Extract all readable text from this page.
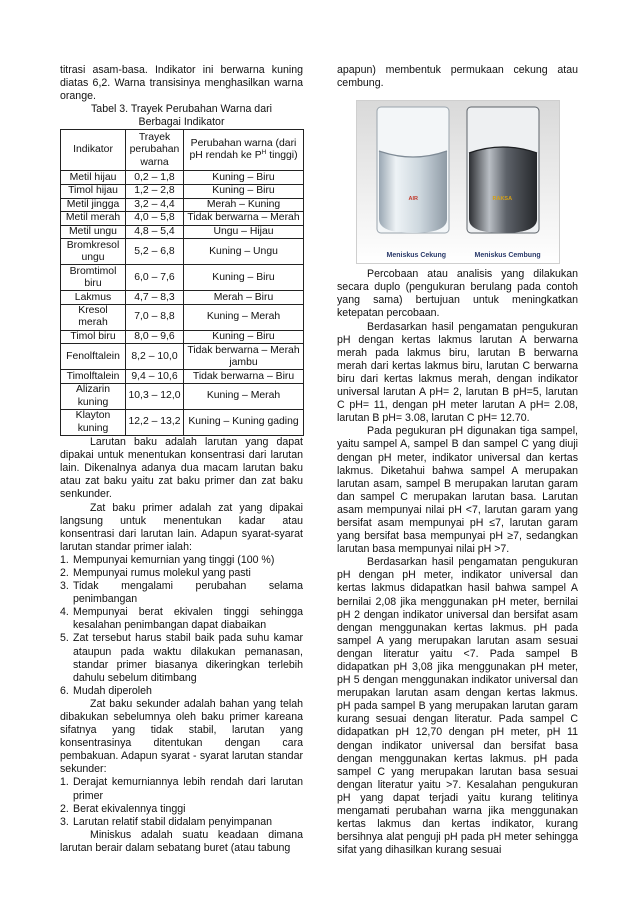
titrasi asam-basa. Indikator ini berwarna kuning diatas 6,2. Warna transisinya menghasilkan warna orange.

Tabel 3. Trayek Perubahan Warna dari Berbagai Indikator

Indikator	Trayek perubahan warna	Perubahan warna (dari pH rendah ke $P^H$ tinggi)
Metil hijau	0,2 – 1,8	Kuning – Biru
Timol hijau	1,2 – 2,8	Kuning – Biru
Metil jingga	3,2 – 4,4	Merah – Kuning
Metil merah	4,0 – 5,8	Tidak berwarna – Merah
Metil ungu	4,8 – 5,4	Ungu – Hijau
Bromkresol ungu	5,2 – 6,8	Kuning – Ungu
Bromtimol biru	6,0 – 7,6	Kuning – Biru
Lakmus	4,7 – 8,3	Merah – Biru
Kresol merah	7,0 – 8,8	Kuning – Merah
Timol biru	8,0 – 9,6	Kuning – Biru
Fenolftalein	8,2 – 10,0	Tidak berwarna – Merah jambu
Timolftalein	9,4 – 10,6	Tidak berwarna – Biru
Alizarin kuning	10,3 – 12,0	Kuning – Merah
Klayton kuning	12,2 – 13,2	Kuning – Kuning gading

Larutan baku adalah larutan yang dapat dipakai untuk menentukan konsentrasi dari larutan lain. Dikenalnya adanya dua macam larutan baku atau zat baku yaitu zat baku primer dan zat baku senkunder.

Zat baku primer adalah zat yang dipakai langsung untuk menentukan kadar atau konsentrasi dari larutan lain. Adapun syarat-syarat larutan standar primer ialah:

1. Mempunyai kemurnian yang tinggi (100 %)
2. Mempunyai rumus molekul yang pasti
3. Tidak mengalami perubahan selama penimbangan
4. Mempunyai berat ekivalen tinggi sehingga kesalahan penimbangan dapat diabaikan
5. Zat tersebut harus stabil baik pada suhu kamar ataupun pada waktu dilakukan pemanasan, standar primer biasanya dikeringkan terlebih dahulu sebelum ditimbang
6. Mudah diperoleh

Zat baku sekunder adalah bahan yang telah dibakukan sebelumnya oleh baku primer kareana sifatnya yang tidak stabil, larutan yang konsentrasinya ditentukan dengan cara pembakuan. Adapun syarat - syarat larutan standar sekunder:

1. Derajat kemurniannya lebih rendah dari larutan primer
2. Berat ekivalennya tinggi
3. Larutan relatif stabil didalam penyimpanan

Miniskus adalah suatu keadaan dimana larutan berair dalam sebatang buret (atau tabung

apapun) membentuk permukaan cekung atau cembung.

AIR	RAKSA
Meniskus Cekung	Meniskus Cembung

Percobaan atau analisis yang dilakukan secara duplo (pengukuran berulang pada contoh yang sama) bertujuan untuk meningkatkan ketepatan percobaan.

Berdasarkan hasil pengamatan pengukuran pH dengan kertas lakmus larutan A berwarna merah pada lakmus biru, larutan B berwarna merah dari kertas lakmus biru, larutan C berwarna biru dari kertas lakmus merah, dengan indikator universal larutan A pH= 2, larutan B pH=5, larutan C pH= 11, dengan pH meter larutan A pH= 2.08, larutan B pH= 3.08, larutan C pH= 12.70.

Pada pegukuran pH digunakan tiga sampel, yaitu sampel A, sampel B dan sampel C yang diuji dengan pH meter, indikator universal dan kertas lakmus. Diketahui bahwa sampel A merupakan larutan asam, sampel B merupakan larutan garam dan sampel C merupakan larutan basa. Larutan asam mempunyai nilai pH <7, larutan garam yang bersifat asam mempunyai pH ≤7, larutan garam yang bersifat basa mempunyai pH ≥7, sedangkan larutan basa mempunyai nilai pH >7.

Berdasarkan hasil pengamatan pengukuran pH dengan pH meter, indikator universal dan kertas lakmus didapatkan hasil bahwa sampel A bernilai 2,08 jika menggunakan pH meter, bernilai pH 2 dengan indikator universal dan bersifat asam dengan menggunakan kertas lakmus. pH pada sampel A yang merupakan larutan asam sesuai dengan literatur yaitu <7. Pada sampel B didapatkan pH 3,08 jika menggunakan pH meter, pH 5 dengan menggunakan indikator universal dan merupakan larutan asam dengan kertas lakmus. pH pada sampel B yang merupakan larutan garam kurang sesuai dengan literatur. Pada sampel C didapatkan pH 12,70 dengan pH meter, pH 11 dengan indikator universal dan bersifat basa dengan menggunakan kertas lakmus. pH pada sampel C yang merupakan larutan basa sesuai dengan literatur yaitu >7. Kesalahan pengukuran pH yang dapat terjadi yaitu kurang telitinya mengamati perubahan warna jika menggunakan kertas lakmus dan kertas indikator, kurang bersihnya alat penguji pH pada pH meter sehingga sifat yang dihasilkan kurang sesuai
